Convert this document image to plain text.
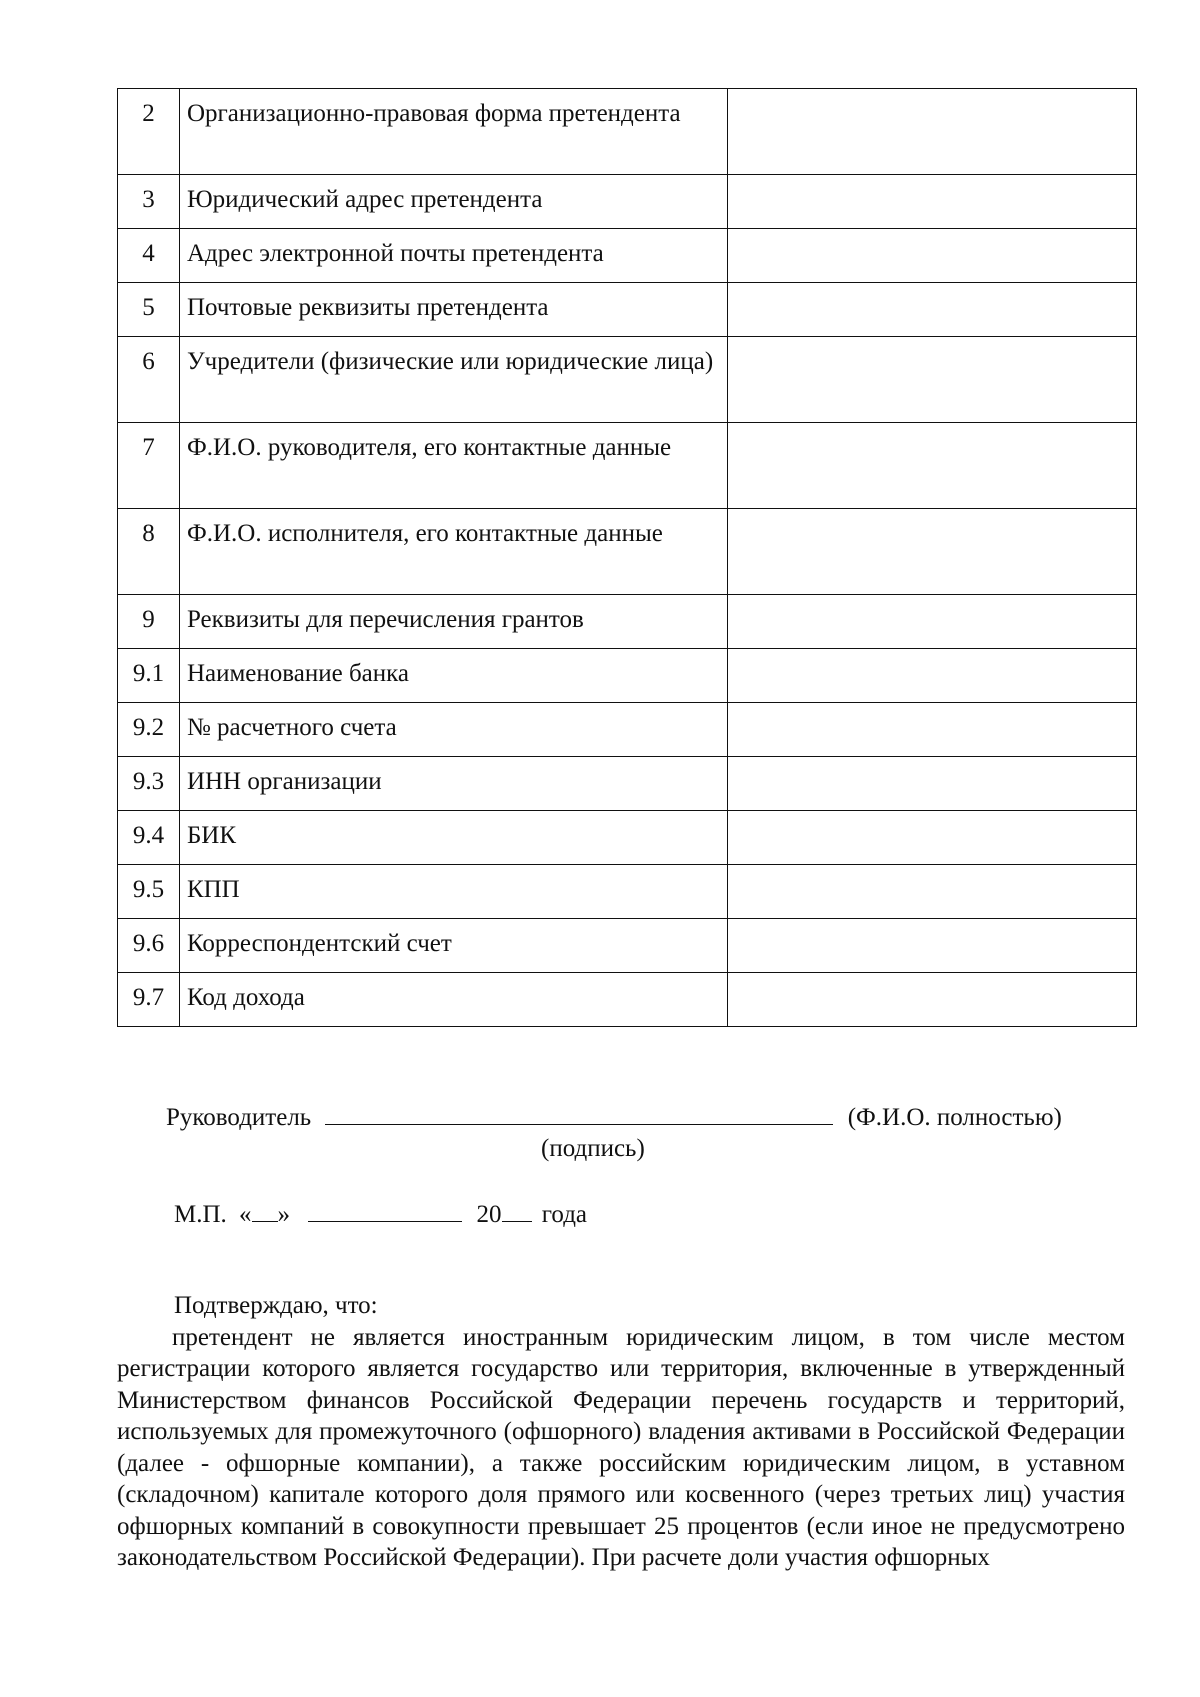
2	Организационно-правовая форма претендента	
3	Юридический адрес претендента	
4	Адрес электронной почты претендента	
5	Почтовые реквизиты претендента	
6	Учредители (физические или юридические лица)	
7	Ф.И.О. руководителя, его контактные данные	
8	Ф.И.О. исполнителя, его контактные данные	
9	Реквизиты для перечисления грантов	
9.1	Наименование банка	
9.2	№ расчетного счета	
9.3	ИНН организации	
9.4	БИК	
9.5	КПП	
9.6	Корреспондентский счет	
9.7	Код дохода	
Руководитель	(Ф.И.О. полностью)
(подпись)
М.П. « »	20 года
Подтверждаю, что:

претендент не является иностранным юридическим лицом, в том числе местом регистрации которого является государство или территория, включенные в утвержденный Министерством финансов Российской Федерации перечень государств и территорий, используемых для промежуточного (офшорного) владения активами в Российской Федерации (далее - офшорные компании), а также российским юридическим лицом, в уставном (складочном) капитале которого доля прямого или косвенного (через третьих лиц) участия офшорных компаний в совокупности превышает 25 процентов (если иное не предусмотрено законодательством Российской Федерации). При расчете доли участия офшорных
